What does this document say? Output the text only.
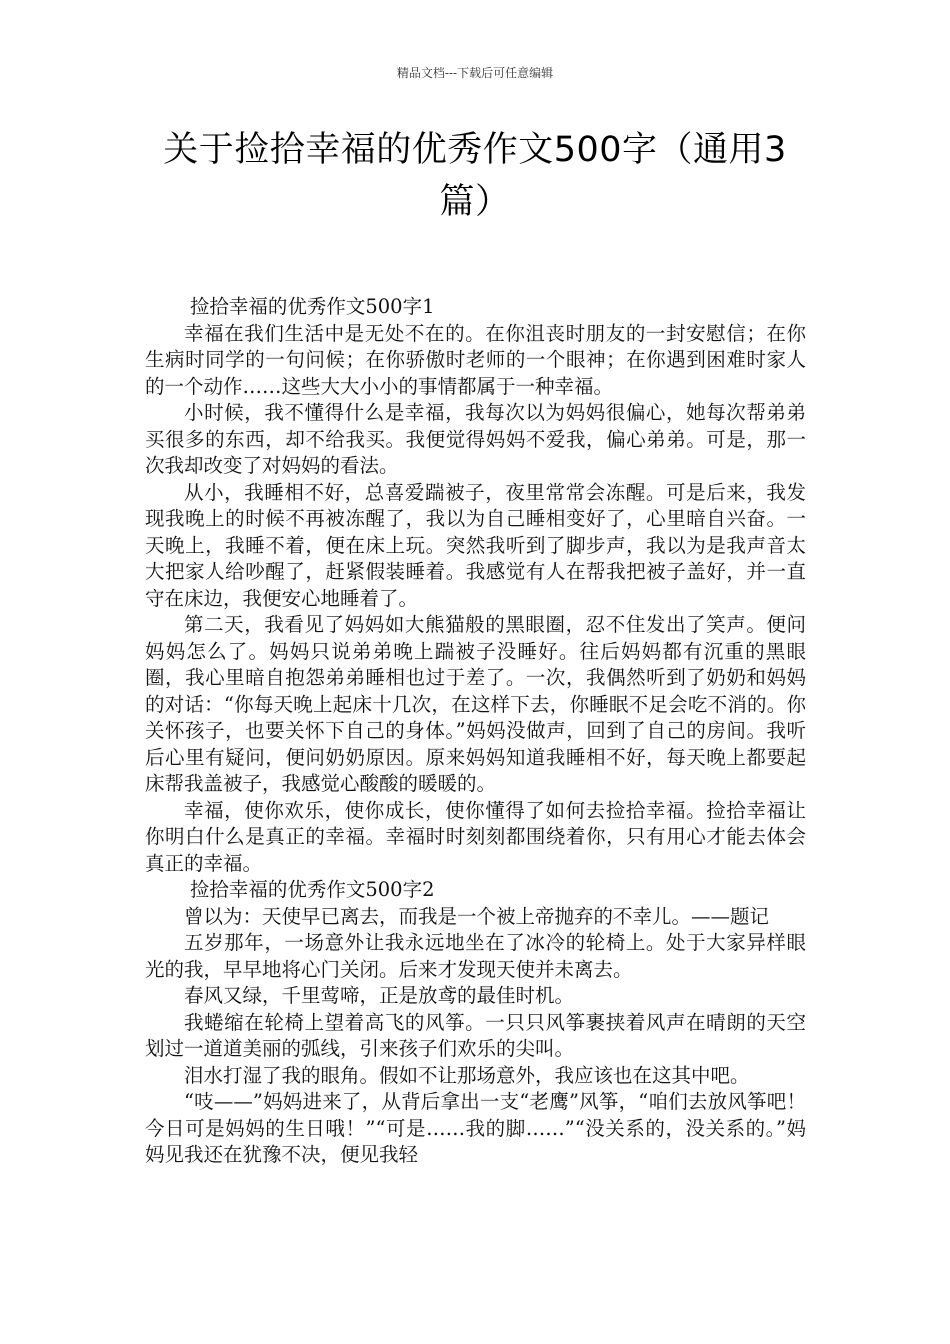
精品文档---下载后可任意编辑
关于捡拾幸福的优秀作文500字（通用3篇）

捡拾幸福的优秀作文500字1

幸福在我们生活中是无处不在的。在你沮丧时朋友的一封安慰信；在你生病时同学的一句问候；在你骄傲时老师的一个眼神；在你遇到困难时家人的一个动作……这些大大小小的事情都属于一种幸福。

小时候，我不懂得什么是幸福，我每次以为妈妈很偏心，她每次帮弟弟买很多的东西，却不给我买。我便觉得妈妈不爱我，偏心弟弟。可是，那一次我却改变了对妈妈的看法。

从小，我睡相不好，总喜爱踹被子，夜里常常会冻醒。可是后来，我发现我晚上的时候不再被冻醒了，我以为自己睡相变好了，心里暗自兴奋。一天晚上，我睡不着，便在床上玩。突然我听到了脚步声，我以为是我声音太大把家人给吵醒了，赶紧假装睡着。我感觉有人在帮我把被子盖好，并一直守在床边，我便安心地睡着了。

第二天，我看见了妈妈如大熊猫般的黑眼圈，忍不住发出了笑声。便问妈妈怎么了。妈妈只说弟弟晚上踹被子没睡好。往后妈妈都有沉重的黑眼圈，我心里暗自抱怨弟弟睡相也过于差了。一次，我偶然听到了奶奶和妈妈的对话：“你每天晚上起床十几次，在这样下去，你睡眠不足会吃不消的。你关怀孩子，也要关怀下自己的身体。”妈妈没做声，回到了自己的房间。我听后心里有疑问，便问奶奶原因。原来妈妈知道我睡相不好，每天晚上都要起床帮我盖被子，我感觉心酸酸的暖暖的。

幸福，使你欢乐，使你成长，使你懂得了如何去捡拾幸福。捡拾幸福让你明白什么是真正的幸福。幸福时时刻刻都围绕着你，只有用心才能去体会真正的幸福。

捡拾幸福的优秀作文500字2

曾以为：天使早已离去，而我是一个被上帝抛弃的不幸儿。——题记

五岁那年，一场意外让我永远地坐在了冰冷的轮椅上。处于大家异样眼光的我，早早地将心门关闭。后来才发现天使并未离去。

春风又绿，千里莺啼，正是放鸢的最佳时机。

我蜷缩在轮椅上望着高飞的风筝。一只只风筝裹挟着风声在晴朗的天空划过一道道美丽的弧线，引来孩子们欢乐的尖叫。

泪水打湿了我的眼角。假如不让那场意外，我应该也在这其中吧。

“吱——”妈妈进来了，从背后拿出一支“老鹰”风筝，“咱们去放风筝吧！今日可是妈妈的生日哦！”“可是……我的脚……”“没关系的，没关系的。”妈妈见我还在犹豫不决，便见我轻
